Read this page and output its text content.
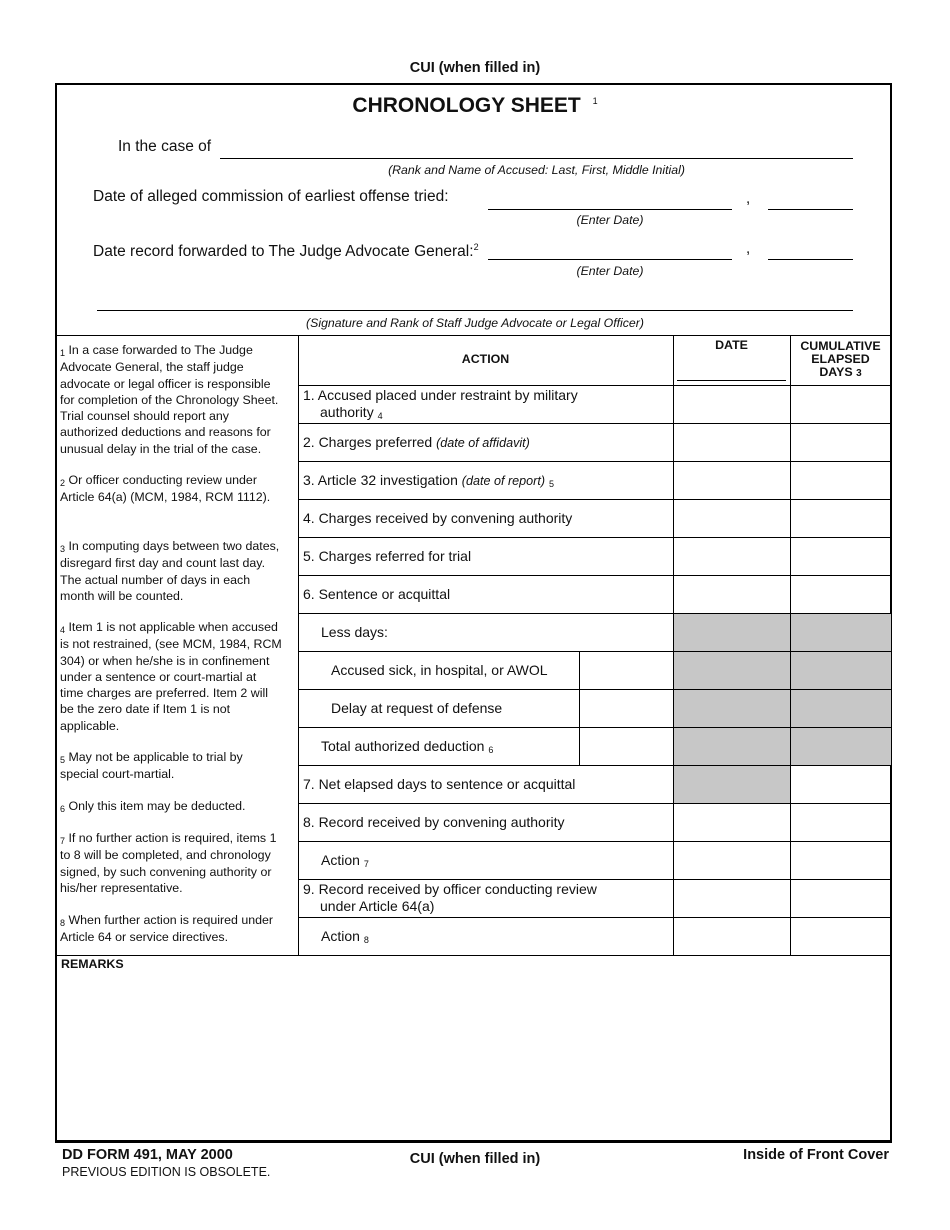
CUI (when filled in)
CHRONOLOGY SHEET $^1$
In the case of
(Rank and Name of Accused: Last, First, Middle Initial)
Date of alleged commission of earliest offense tried:	,
(Enter Date)
Date record forwarded to The Judge Advocate General:$^2$	,
(Enter Date)
(Signature and Rank of Staff Judge Advocate or Legal Officer)
$_1$ In a case forwarded to The Judge Advocate General, the staff judge advocate or legal officer is responsible for completion of the Chronology Sheet. Trial counsel should report any authorized deductions and reasons for unusual delay in the trial of the case.
$_2$ Or officer conducting review under Article 64(a) (MCM, 1984, RCM 1112).
$_3$ In computing days between two dates, disregard first day and count last day. The actual number of days in each month will be counted.
$_4$ Item 1 is not applicable when accused is not restrained, (see MCM, 1984, RCM 304) or when he/she is in confinement under a sentence or court-martial at time charges are preferred. Item 2 will be the zero date if Item 1 is not applicable.
$_5$ May not be applicable to trial by special court-martial.
$_6$ Only this item may be deducted.
$_7$ If no further action is required, items 1 to 8 will be completed, and chronology signed, by such convening authority or his/her representative.
$_8$ When further action is required under Article 64 or service directives.
ACTION
DATE	CUMULATIVE
ELAPSED
DAYS 3
1. Accused placed under restraint by military
authority $_4$
2. Charges preferred (date of affidavit)
3. Article 32 investigation (date of report) $_5$
4. Charges received by convening authority
5. Charges referred for trial
6. Sentence or acquittal
Less days:
Accused sick, in hospital, or AWOL
Delay at request of defense
Total authorized deduction $_6$
7. Net elapsed days to sentence or acquittal
8. Record received by convening authority
Action $_7$
9. Record received by officer conducting review
under Article 64(a)
Action $_8$
REMARKS
DD FORM 491, MAY 2000
PREVIOUS EDITION IS OBSOLETE.
CUI (when filled in)	Inside of Front Cover
